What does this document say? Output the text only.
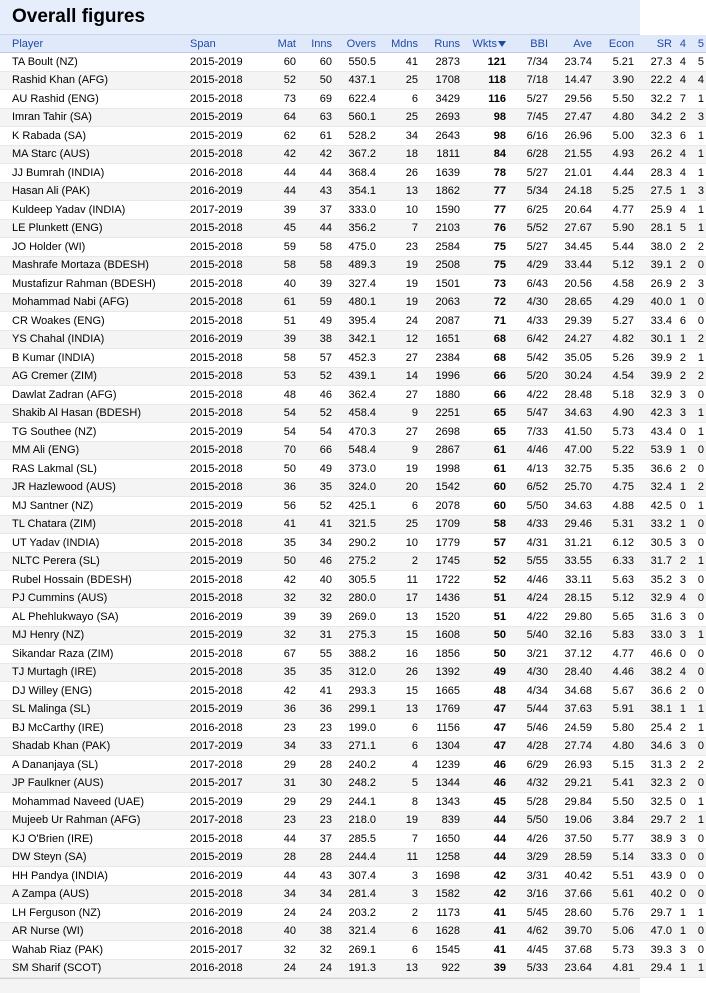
Overall figures
Player	Span	Mat	Inns	Overs	Mdns	Runs	Wkts	BBI	Ave	Econ	SR	4	5
TA Boult (NZ)	2015-2019	60	60	550.5	41	2873	121	7/34	23.74	5.21	27.3	4	5
Rashid Khan (AFG)	2015-2018	52	50	437.1	25	1708	118	7/18	14.47	3.90	22.2	4	4
AU Rashid (ENG)	2015-2018	73	69	622.4	6	3429	116	5/27	29.56	5.50	32.2	7	1
Imran Tahir (SA)	2015-2019	64	63	560.1	25	2693	98	7/45	27.47	4.80	34.2	2	3
K Rabada (SA)	2015-2019	62	61	528.2	34	2643	98	6/16	26.96	5.00	32.3	6	1
MA Starc (AUS)	2015-2018	42	42	367.2	18	1811	84	6/28	21.55	4.93	26.2	4	1
JJ Bumrah (INDIA)	2016-2018	44	44	368.4	26	1639	78	5/27	21.01	4.44	28.3	4	1
Hasan Ali (PAK)	2016-2019	44	43	354.1	13	1862	77	5/34	24.18	5.25	27.5	1	3
Kuldeep Yadav (INDIA)	2017-2019	39	37	333.0	10	1590	77	6/25	20.64	4.77	25.9	4	1
LE Plunkett (ENG)	2015-2018	45	44	356.2	7	2103	76	5/52	27.67	5.90	28.1	5	1
JO Holder (WI)	2015-2018	59	58	475.0	23	2584	75	5/27	34.45	5.44	38.0	2	2
Mashrafe Mortaza (BDESH)	2015-2018	58	58	489.3	19	2508	75	4/29	33.44	5.12	39.1	2	0
Mustafizur Rahman (BDESH)	2015-2018	40	39	327.4	19	1501	73	6/43	20.56	4.58	26.9	2	3
Mohammad Nabi (AFG)	2015-2018	61	59	480.1	19	2063	72	4/30	28.65	4.29	40.0	1	0
CR Woakes (ENG)	2015-2018	51	49	395.4	24	2087	71	4/33	29.39	5.27	33.4	6	0
YS Chahal (INDIA)	2016-2019	39	38	342.1	12	1651	68	6/42	24.27	4.82	30.1	1	2
B Kumar (INDIA)	2015-2018	58	57	452.3	27	2384	68	5/42	35.05	5.26	39.9	2	1
AG Cremer (ZIM)	2015-2018	53	52	439.1	14	1996	66	5/20	30.24	4.54	39.9	2	2
Dawlat Zadran (AFG)	2015-2018	48	46	362.4	27	1880	66	4/22	28.48	5.18	32.9	3	0
Shakib Al Hasan (BDESH)	2015-2018	54	52	458.4	9	2251	65	5/47	34.63	4.90	42.3	3	1
TG Southee (NZ)	2015-2019	54	54	470.3	27	2698	65	7/33	41.50	5.73	43.4	0	1
MM Ali (ENG)	2015-2018	70	66	548.4	9	2867	61	4/46	47.00	5.22	53.9	1	0
RAS Lakmal (SL)	2015-2018	50	49	373.0	19	1998	61	4/13	32.75	5.35	36.6	2	0
JR Hazlewood (AUS)	2015-2018	36	35	324.0	20	1542	60	6/52	25.70	4.75	32.4	1	2
MJ Santner (NZ)	2015-2019	56	52	425.1	6	2078	60	5/50	34.63	4.88	42.5	0	1
TL Chatara (ZIM)	2015-2018	41	41	321.5	25	1709	58	4/33	29.46	5.31	33.2	1	0
UT Yadav (INDIA)	2015-2018	35	34	290.2	10	1779	57	4/31	31.21	6.12	30.5	3	0
NLTC Perera (SL)	2015-2019	50	46	275.2	2	1745	52	5/55	33.55	6.33	31.7	2	1
Rubel Hossain (BDESH)	2015-2018	42	40	305.5	11	1722	52	4/46	33.11	5.63	35.2	3	0
PJ Cummins (AUS)	2015-2018	32	32	280.0	17	1436	51	4/24	28.15	5.12	32.9	4	0
AL Phehlukwayo (SA)	2016-2019	39	39	269.0	13	1520	51	4/22	29.80	5.65	31.6	3	0
MJ Henry (NZ)	2015-2019	32	31	275.3	15	1608	50	5/40	32.16	5.83	33.0	3	1
Sikandar Raza (ZIM)	2015-2018	67	55	388.2	16	1856	50	3/21	37.12	4.77	46.6	0	0
TJ Murtagh (IRE)	2015-2018	35	35	312.0	26	1392	49	4/30	28.40	4.46	38.2	4	0
DJ Willey (ENG)	2015-2018	42	41	293.3	15	1665	48	4/34	34.68	5.67	36.6	2	0
SL Malinga (SL)	2015-2019	36	36	299.1	13	1769	47	5/44	37.63	5.91	38.1	1	1
BJ McCarthy (IRE)	2016-2018	23	23	199.0	6	1156	47	5/46	24.59	5.80	25.4	2	1
Shadab Khan (PAK)	2017-2019	34	33	271.1	6	1304	47	4/28	27.74	4.80	34.6	3	0
A Dananjaya (SL)	2017-2018	29	28	240.2	4	1239	46	6/29	26.93	5.15	31.3	2	2
JP Faulkner (AUS)	2015-2017	31	30	248.2	5	1344	46	4/32	29.21	5.41	32.3	2	0
Mohammad Naveed (UAE)	2015-2019	29	29	244.1	8	1343	45	5/28	29.84	5.50	32.5	0	1
Mujeeb Ur Rahman (AFG)	2017-2018	23	23	218.0	19	839	44	5/50	19.06	3.84	29.7	2	1
KJ O'Brien (IRE)	2015-2018	44	37	285.5	7	1650	44	4/26	37.50	5.77	38.9	3	0
DW Steyn (SA)	2015-2019	28	28	244.4	11	1258	44	3/29	28.59	5.14	33.3	0	0
HH Pandya (INDIA)	2016-2019	44	43	307.4	3	1698	42	3/31	40.42	5.51	43.9	0	0
A Zampa (AUS)	2015-2018	34	34	281.4	3	1582	42	3/16	37.66	5.61	40.2	0	0
LH Ferguson (NZ)	2016-2019	24	24	203.2	2	1173	41	5/45	28.60	5.76	29.7	1	1
AR Nurse (WI)	2016-2018	40	38	321.4	6	1628	41	4/62	39.70	5.06	47.0	1	0
Wahab Riaz (PAK)	2015-2017	32	32	269.1	6	1545	41	4/45	37.68	5.73	39.3	3	0
SM Sharif (SCOT)	2016-2018	24	24	191.3	13	922	39	5/33	23.64	4.81	29.4	1	1
